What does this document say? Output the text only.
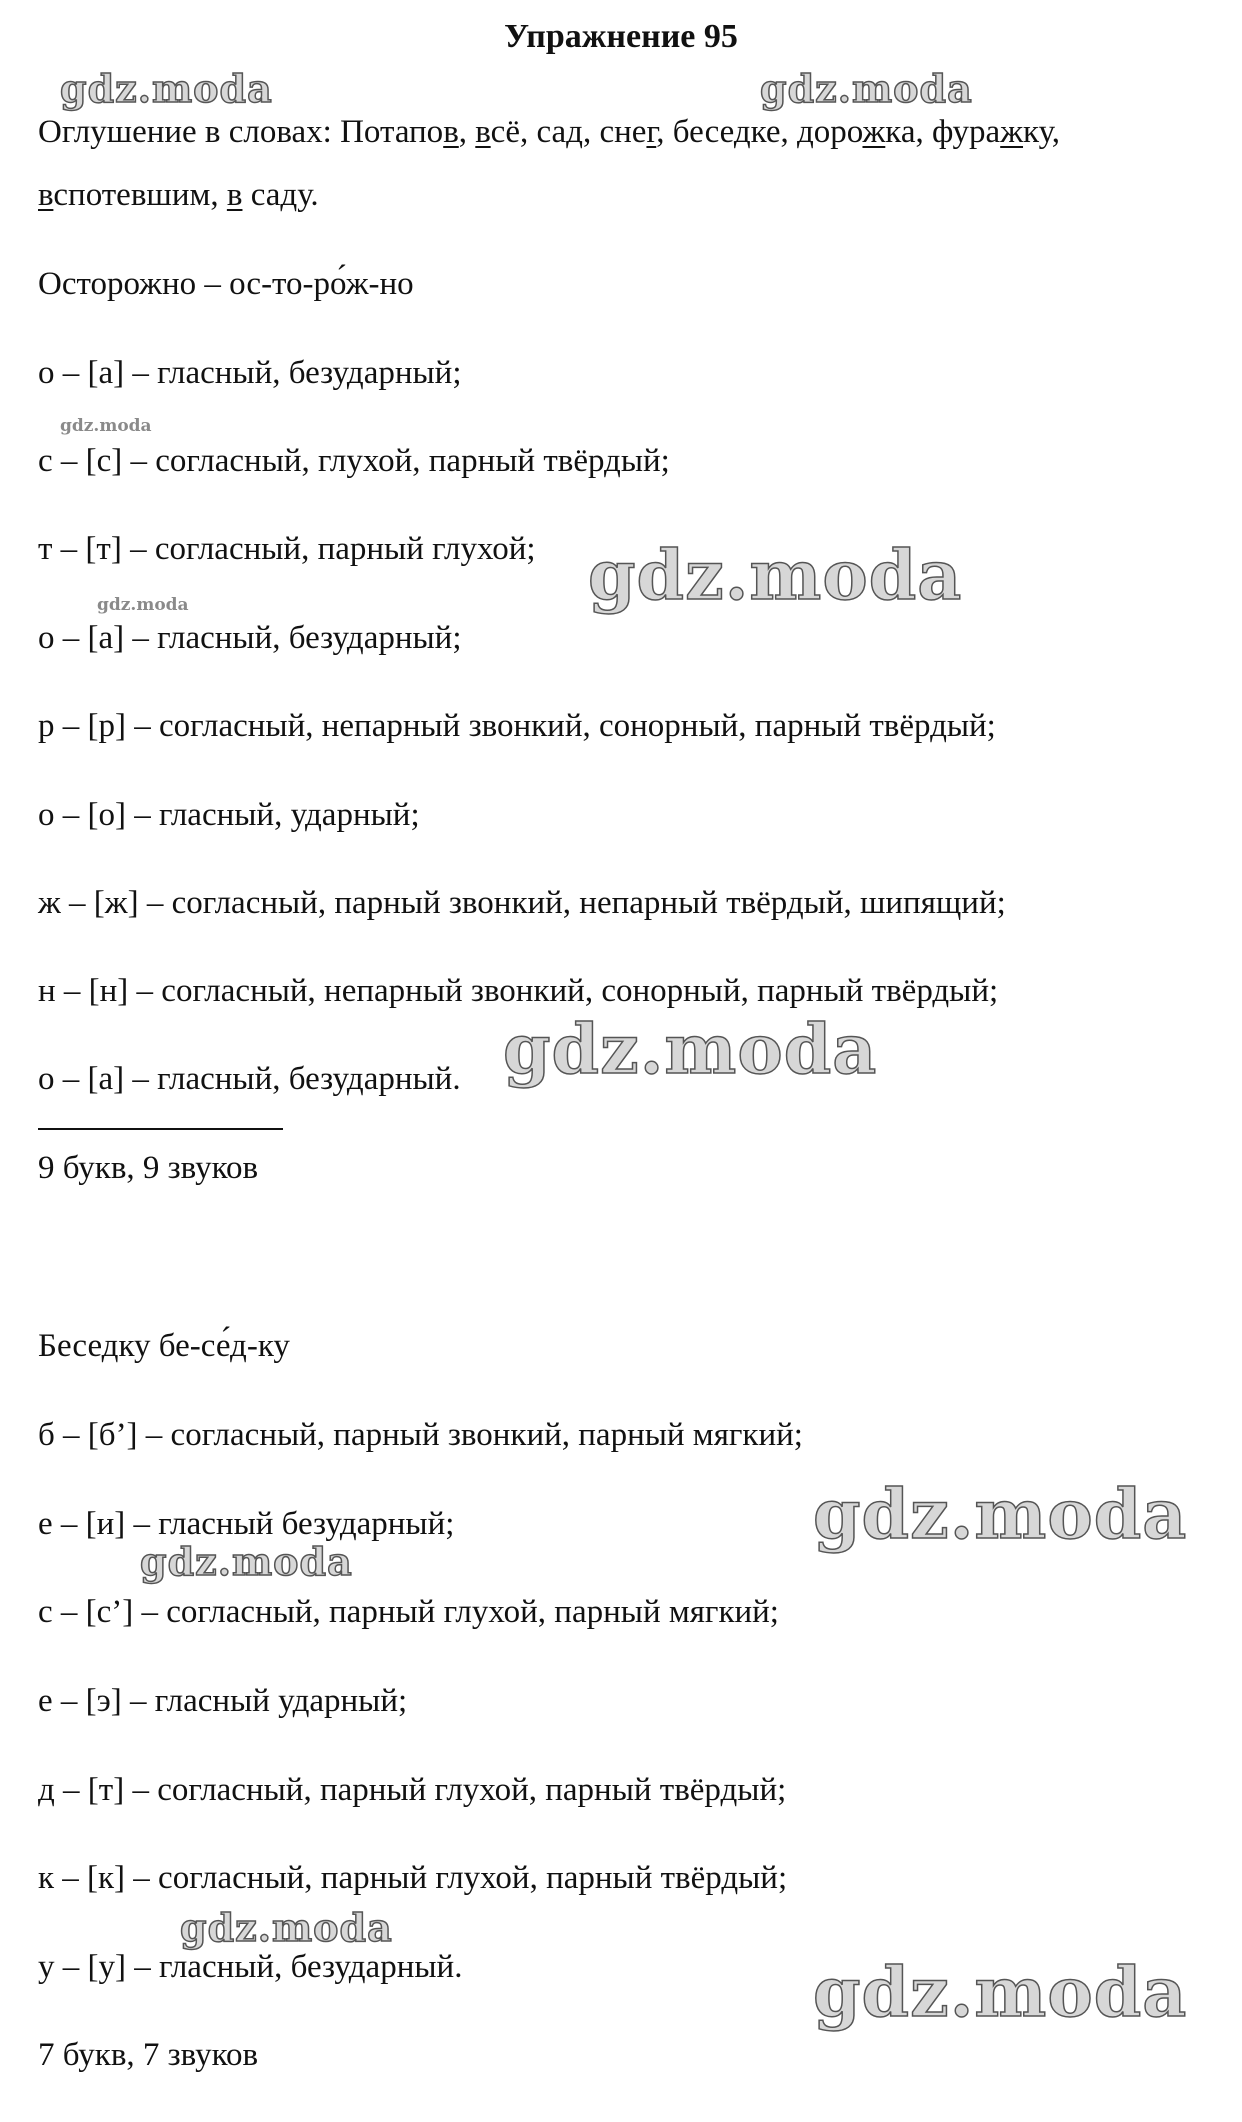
Упражнение 95
Оглушение в словах: Потапов, всё, сад, снег, беседке, дорожка, фуражку,
вспотевшим, в саду.
Осторожно – ос-то-ро́ж-но
о – [а] – гласный, безударный;
с – [с] – согласный, глухой, парный твёрдый;
т – [т] – согласный, парный глухой;
о – [а] – гласный, безударный;
р – [р] – согласный, непарный звонкий, сонорный, парный твёрдый;
о – [о] – гласный, ударный;
ж – [ж] – согласный, парный звонкий, непарный твёрдый, шипящий;
н – [н] – согласный, непарный звонкий, сонорный, парный твёрдый;
о – [а] – гласный, безударный.
9 букв, 9 звуков
Беседку бе-се́д-ку
б – [б’] – согласный, парный звонкий, парный мягкий;
е – [и] – гласный безударный;
с – [с’] – согласный, парный глухой, парный мягкий;
е – [э] – гласный ударный;
д – [т] – согласный, парный глухой, парный твёрдый;
к – [к] – согласный, парный глухой, парный твёрдый;
у – [у] – гласный, безударный.
7 букв, 7 звуков
gdz.moda	gdz.moda
gdz.moda
gdz.moda
gdz.moda
gdz.moda
gdz.moda
gdz.moda
gdz.moda
gdz.moda
